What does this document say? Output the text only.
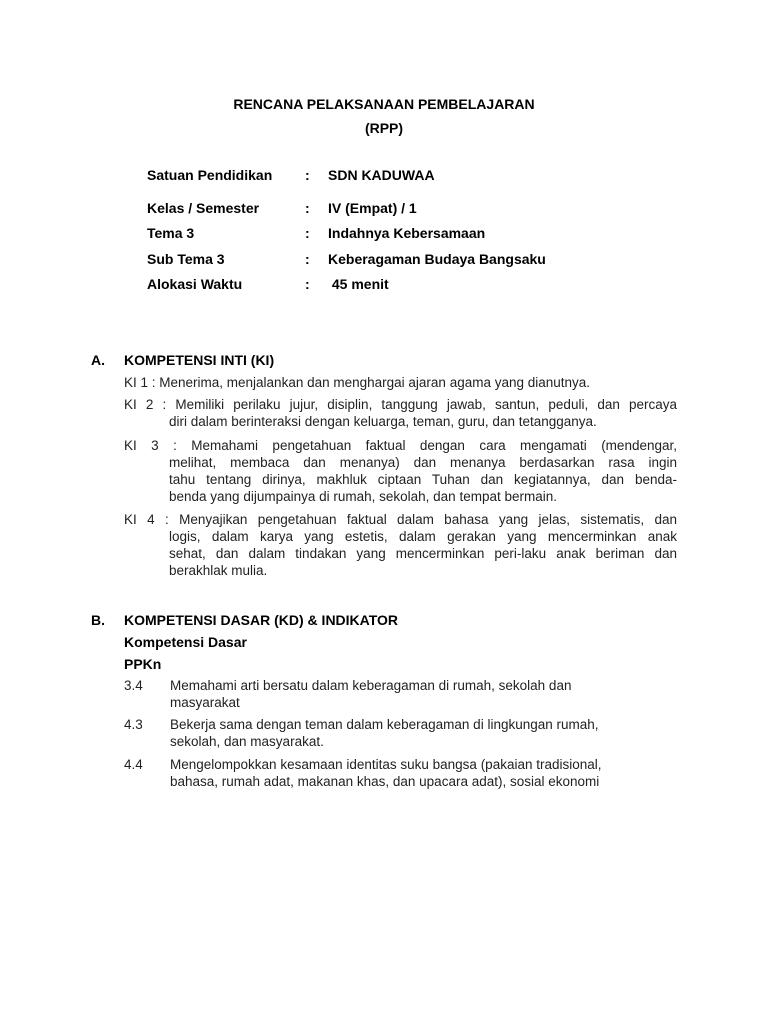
RENCANA PELAKSANAAN PEMBELAJARAN
(RPP)
Satuan Pendidikan : SDN KADUWAA
Kelas / Semester	: IV (Empat) / 1
Tema 3	: Indahnya Kebersamaan
Sub Tema 3	: Keberagaman Budaya Bangsaku
Alokasi Waktu	: 45 menit
A. KOMPETENSI INTI (KI)
KI 1 : Menerima, menjalankan dan menghargai ajaran agama yang dianutnya.
KI 2 : Memiliki perilaku jujur, disiplin, tanggung jawab, santun, peduli, dan percaya
diri dalam berinteraksi dengan keluarga, teman, guru, dan tetangganya.
KI 3 : Memahami pengetahuan faktual dengan cara mengamati (mendengar,
melihat, membaca dan menanya) dan menanya berdasarkan rasa ingin
tahu tentang dirinya, makhluk ciptaan Tuhan dan kegiatannya, dan benda-
benda yang dijumpainya di rumah, sekolah, dan tempat bermain.
KI 4 : Menyajikan pengetahuan faktual dalam bahasa yang jelas, sistematis, dan
logis, dalam karya yang estetis, dalam gerakan yang mencerminkan anak
sehat, dan dalam tindakan yang mencerminkan peri-laku anak beriman dan
berakhlak mulia.
B. KOMPETENSI DASAR (KD) & INDIKATOR
Kompetensi Dasar
PPKn
3.4 Memahami arti bersatu dalam keberagaman di rumah, sekolah dan
masyarakat
4.3 Bekerja sama dengan teman dalam keberagaman di lingkungan rumah,
sekolah, dan masyarakat.
4.4 Mengelompokkan kesamaan identitas suku bangsa (pakaian tradisional,
bahasa, rumah adat, makanan khas, dan upacara adat), sosial ekonomi
